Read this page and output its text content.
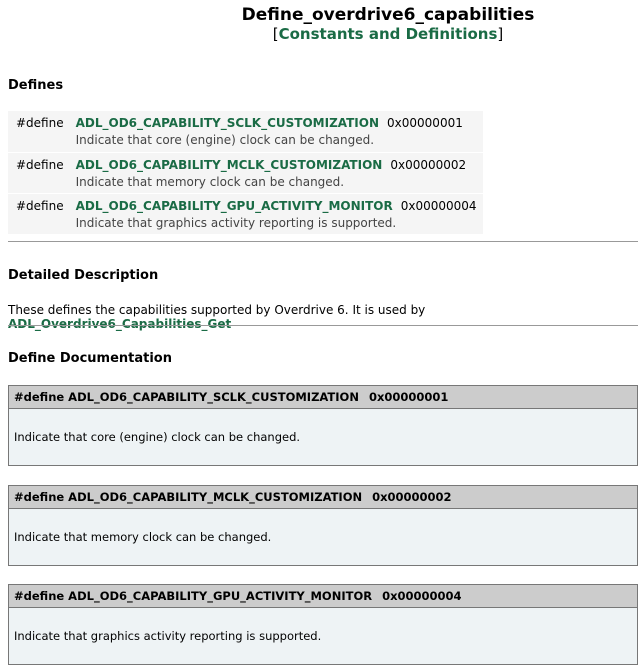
Define_overdrive6_capabilities
[Constants and Definitions]
Defines
#define	ADL_OD6_CAPABILITY_SCLK_CUSTOMIZATION 0x00000001
Indicate that core (engine) clock can be changed.

#define	ADL_OD6_CAPABILITY_MCLK_CUSTOMIZATION 0x00000002
Indicate that memory clock can be changed.

#define	ADL_OD6_CAPABILITY_GPU_ACTIVITY_MONITOR 0x00000004
Indicate that graphics activity reporting is supported.
Detailed Description
These defines the capabilities supported by Overdrive 6. It is used by ADL_Overdrive6_Capabilities_Get
Define Documentation
#define ADL_OD6_CAPABILITY_SCLK_CUSTOMIZATION 0x00000001
Indicate that core (engine) clock can be changed.
#define ADL_OD6_CAPABILITY_MCLK_CUSTOMIZATION 0x00000002
Indicate that memory clock can be changed.
#define ADL_OD6_CAPABILITY_GPU_ACTIVITY_MONITOR 0x00000004
Indicate that graphics activity reporting is supported.
